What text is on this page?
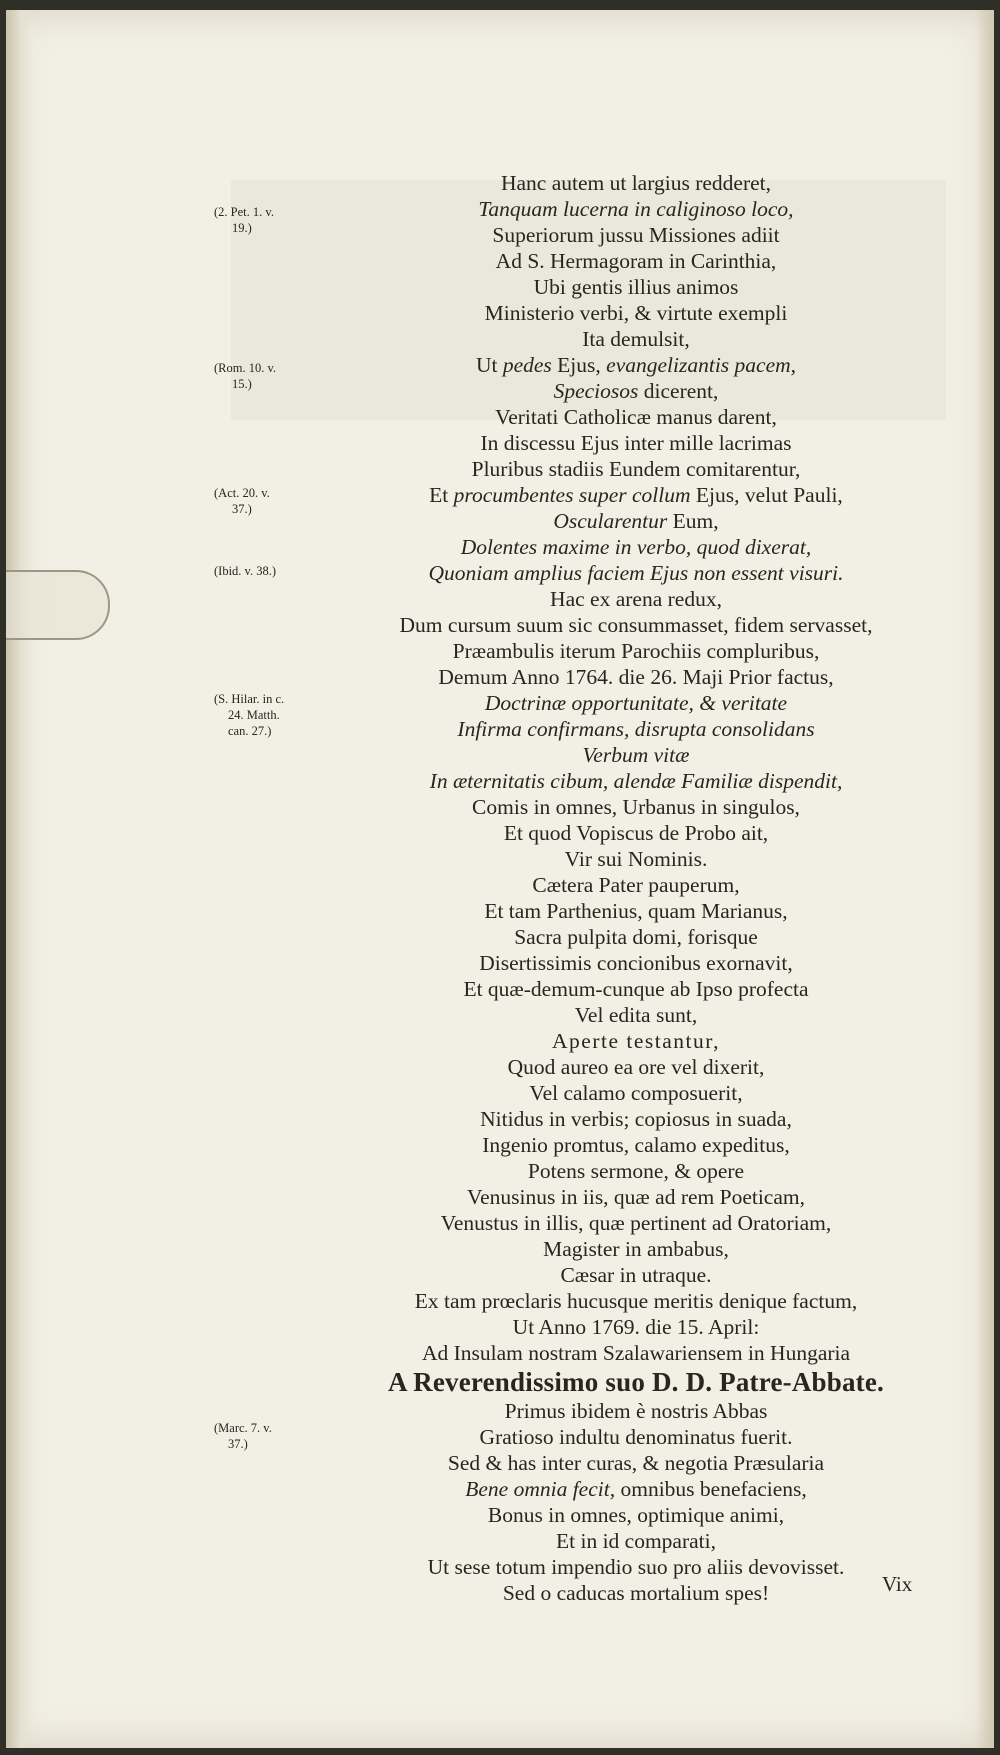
(2. Pet. 1. v.
19.)
(Rom. 10. v.
15.)
(Act. 20. v.
37.)
(Ibid. v. 38.)
(S. Hilar. in c.
24. Matth.
can. 27.)
(Marc. 7. v.
37.)
Hanc autem ut largius redderet,
Tanquam lucerna in caliginoso loco,
Superiorum jussu Missiones adiit
Ad S. Hermagoram in Carinthia,
Ubi gentis illius animos
Ministerio verbi, & virtute exempli
Ita demulsit,
Ut pedes Ejus, evangelizantis pacem,
Speciosos dicerent,
Veritati Catholicæ manus darent,
In discessu Ejus inter mille lacrimas
Pluribus stadiis Eundem comitarentur,
Et procumbentes super collum Ejus, velut Pauli,
Oscularentur Eum,
Dolentes maxime in verbo, quod dixerat,
Quoniam amplius faciem Ejus non essent visuri.
Hac ex arena redux,
Dum cursum suum sic consummasset, fidem servasset,
Præambulis iterum Parochiis compluribus,
Demum Anno 1764. die 26. Maji Prior factus,
Doctrinæ opportunitate, & veritate
Infirma confirmans, disrupta consolidans
Verbum vitæ
In æternitatis cibum, alendæ Familiæ dispendit,
Comis in omnes, Urbanus in singulos,
Et quod Vopiscus de Probo ait,
Vir sui Nominis.
Cætera Pater pauperum,
Et tam Parthenius, quam Marianus,
Sacra pulpita domi, forisque
Disertissimis concionibus exornavit,
Et quæ-demum-cunque ab Ipso profecta
Vel edita sunt,
Aperte testantur,
Quod aureo ea ore vel dixerit,
Vel calamo composuerit,
Nitidus in verbis; copiosus in suada,
Ingenio promtus, calamo expeditus,
Potens sermone, & opere
Venusinus in iis, quæ ad rem Poeticam,
Venustus in illis, quæ pertinent ad Oratoriam,
Magister in ambabus,
Cæsar in utraque.
Ex tam prœclaris hucusque meritis denique factum,
Ut Anno 1769. die 15. April:
Ad Insulam nostram Szalawariensem in Hungaria
A Reverendissimo suo D. D. Patre-Abbate.
Primus ibidem è nostris Abbas
Gratioso indultu denominatus fuerit.
Sed & has inter curas, & negotia Præsularia
Bene omnia fecit, omnibus benefaciens,
Bonus in omnes, optimique animi,
Et in id comparati,
Ut sese totum impendio suo pro aliis devovisset.
Sed o caducas mortalium spes!	Vix
